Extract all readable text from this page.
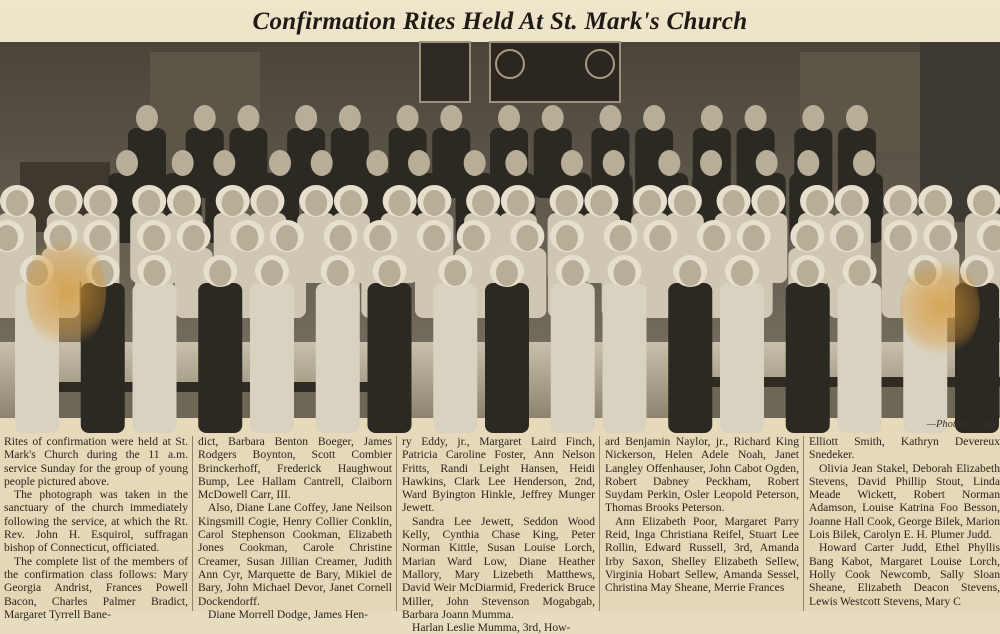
Confirmation Rites Held At St. Mark's Church
—Photo by Cyr

Rites of confirmation were held at St. Mark's Church during the 11 a.m. service Sunday for the group of young people pictured above.

The photograph was taken in the sanctuary of the church immediately following the service, at which the Rt. Rev. John H. Esquirol, suffragan bishop of Connecticut, officiated.

The complete list of the members of the confirmation class follows: Mary Georgia Andrist, Frances Powell Bacon, Charles Palmer Bradict, Margaret Tyrrell Bane-

dict, Barbara Benton Boeger, James Rodgers Boynton, Scott Combier Brinckerhoff, Frederick Haughwout Bump, Lee Hallam Cantrell, Claiborn McDowell Carr, III.

Also, Diane Lane Coffey, Jane Neilson Kingsmill Cogie, Henry Collier Conklin, Carol Stephenson Cookman, Elizabeth Jones Cookman, Carole Christine Creamer, Susan Jillian Creamer, Judith Ann Cyr, Marquette de Bary, Mikiel de Bary, John Michael Devor, Janet Cornell Dockendorff.

Diane Morrell Dodge, James Hen-

ry Eddy, jr., Margaret Laird Finch, Patricia Caroline Foster, Ann Nelson Fritts, Randi Leight Hansen, Heidi Hawkins, Clark Lee Henderson, 2nd, Ward Byington Hinkle, Jeffrey Munger Jewett.

Sandra Lee Jewett, Seddon Wood Kelly, Cynthia Chase King, Peter Norman Kittle, Susan Louise Lorch, Marian Ward Low, Diane Heather Mallory, Mary Lizebeth Matthews, David Weir McDiarmid, Frederick Bruce Miller, John Stevenson Mogabgab, Barbara Joann Mumma.

Harlan Leslie Mumma, 3rd, How-

ard Benjamin Naylor, jr., Richard King Nickerson, Helen Adele Noah, Janet Langley Offenhauser, John Cabot Ogden, Robert Dabney Peckham, Robert Suydam Perkin, Osler Leopold Peterson, Thomas Brooks Peterson.

Ann Elizabeth Poor, Margaret Parry Reid, Inga Christiana Reifel, Stuart Lee Rollin, Edward Russell, 3rd, Amanda Irby Saxon, Shelley Elizabeth Sellew, Virginia Hobart Sellew, Amanda Sessel, Christina May Sheane, Merrie Frances

Elliott Smith, Kathryn Devereux Snedeker.

Olivia Jean Stakel, Deborah Elizabeth Stevens, David Phillip Stout, Linda Meade Wickett, Robert Norman Adamson, Louise Katrina Foo Besson, Joanne Hall Cook, George Bilek, Marion Lois Bilek, Carolyn E. H. Plumer Judd.

Howard Carter Judd, Ethel Phyllis Bang Kabot, Margaret Louise Lorch, Holly Cook Newcomb, Sally Sloan Sheane, Elizabeth Deacon Stevens, Lewis Westcott Stevens, Mary C
